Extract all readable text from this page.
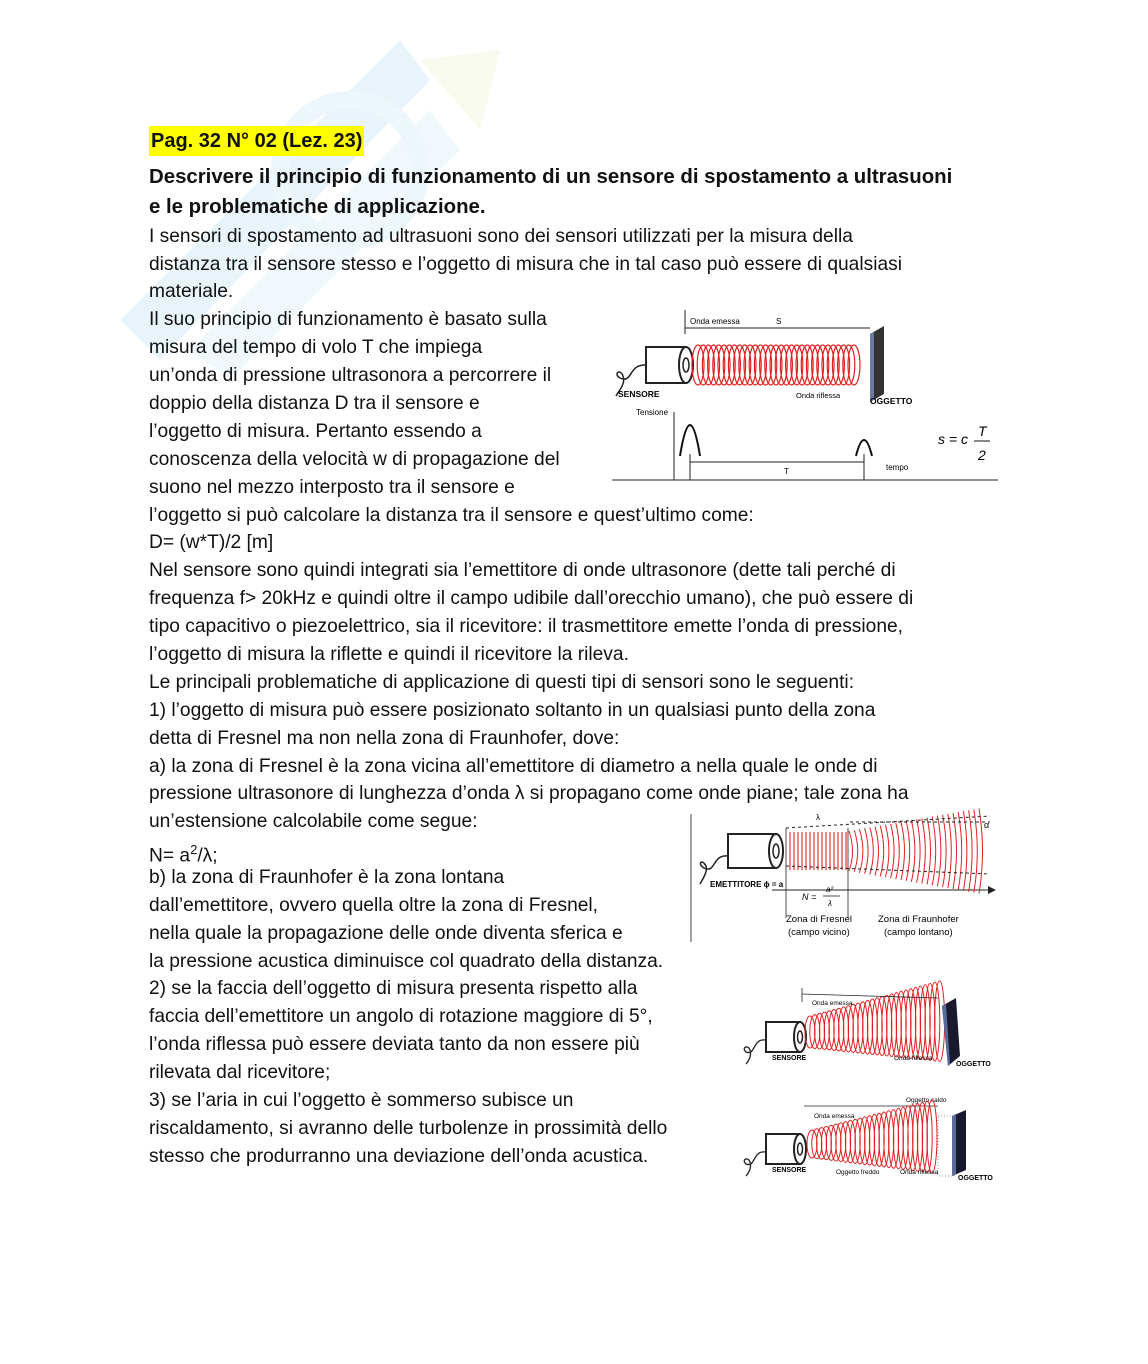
Pag. 32 N° 02 (Lez. 23)
Descrivere il principio di funzionamento di un sensore di spostamento a ultrasuoni
e le problematiche di applicazione.
I sensori di spostamento ad ultrasuoni sono dei sensori utilizzati per la misura della
distanza tra il sensore stesso e l’oggetto di misura che in tal caso può essere di qualsiasi
materiale.
Il suo principio di funzionamento è basato sulla
misura del tempo di volo T che impiega
un’onda di pressione ultrasonora a percorrere il
doppio della distanza D tra il sensore e
l’oggetto di misura. Pertanto essendo a
conoscenza della velocità w di propagazione del
suono nel mezzo interposto tra il sensore e
l’oggetto si può calcolare la distanza tra il sensore e quest’ultimo come:
D= (w*T)/2 [m]
Nel sensore sono quindi integrati sia l’emettitore di onde ultrasonore (dette tali perché di
frequenza f> 20kHz e quindi oltre il campo udibile dall’orecchio umano), che può essere di
tipo capacitivo o piezoelettrico, sia il ricevitore: il trasmettitore emette l’onda di pressione,
l’oggetto di misura la riflette e quindi il ricevitore la rileva.
Le principali problematiche di applicazione di questi tipi di sensori sono le seguenti:
1) l’oggetto di misura può essere posizionato soltanto in un qualsiasi punto della zona
detta di Fresnel ma non nella zona di Fraunhofer, dove:
a) la zona di Fresnel è la zona vicina all’emettitore di diametro a nella quale le onde di
pressione ultrasonore di lunghezza d’onda λ si propagano come onde piane; tale zona ha
un’estensione calcolabile come segue:
$N= a^2/\lambda$;
b) la zona di Fraunhofer è la zona lontana
dall’emettitore, ovvero quella oltre la zona di Fresnel,
nella quale la propagazione delle onde diventa sferica e
la pressione acustica diminuisce col quadrato della distanza.
2) se la faccia dell’oggetto di misura presenta rispetto alla
faccia dell’emettitore un angolo di rotazione maggiore di 5°,
l’onda riflessa può essere deviata tanto da non essere più
rilevata dal ricevitore;
3) se l’aria in cui l’oggetto è sommerso subisce un
riscaldamento, si avranno delle turbolenze in prossimità dello
stesso che produrranno una deviazione dell’onda acustica.
Onda emessa	S
SENSORE	Onda riflessa
OGGETTO
Tensione
T	tempo
s = c T
2
λ
α
EMETTITORE ϕ = a
N =
a²
λ
Zona di Fresnel
(campo vicino)
Zona di Fraunhofer
(campo lontano)
Onda emessa
SENSORE	Onda riflessa
OGGETTO
Oggetto caldo
Onda emessa
SENSORE	Oggetto freddo	Onda riflessa
OGGETTO
